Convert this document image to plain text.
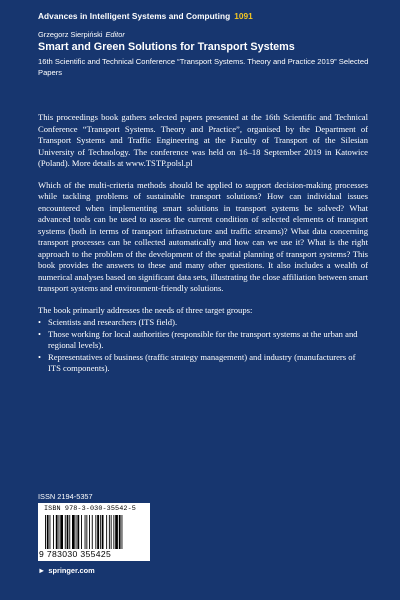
Advances in Intelligent Systems and Computing 1091
Grzegorz Sierpiński Editor
Smart and Green Solutions for Transport Systems
16th Scientific and Technical Conference “Transport Systems. Theory and Practice 2019” Selected Papers

This proceedings book gathers selected papers presented at the 16th Scientific and Technical Conference “Transport Systems. Theory and Practice”, organised by the Department of Transport Systems and Traffic Engineering at the Faculty of Transport of the Silesian University of Technology. The conference was held on 16–18 September 2019 in Katowice (Poland). More details at www.TSTP.polsl.pl

Which of the multi-criteria methods should be applied to support decision-making processes while tackling problems of sustainable transport solutions? How can individual issues encountered when implementing smart solutions in transport systems be solved? What advanced tools can be used to assess the current condition of selected elements of transport systems (both in terms of transport infrastructure and traffic streams)? What data concerning transport processes can be collected automatically and how can we use it? What is the right approach to the problem of the development of the spatial planning of transport systems? This book provides the answers to these and many other questions. It also includes a wealth of numerical analyses based on significant data sets, illustrating the close affiliation between smart transport systems and environment-friendly solutions.

The book primarily addresses the needs of three target groups:

• Scientists and researchers (ITS field).
• Those working for local authorities (responsible for the transport systems at the urban and regional levels).
• Representatives of business (traffic strategy management) and industry (manufacturers of ITS components).
ISSN 2194-5357
ISBN 978-3-030-35542-5
9 783030 355425
► springer.com
